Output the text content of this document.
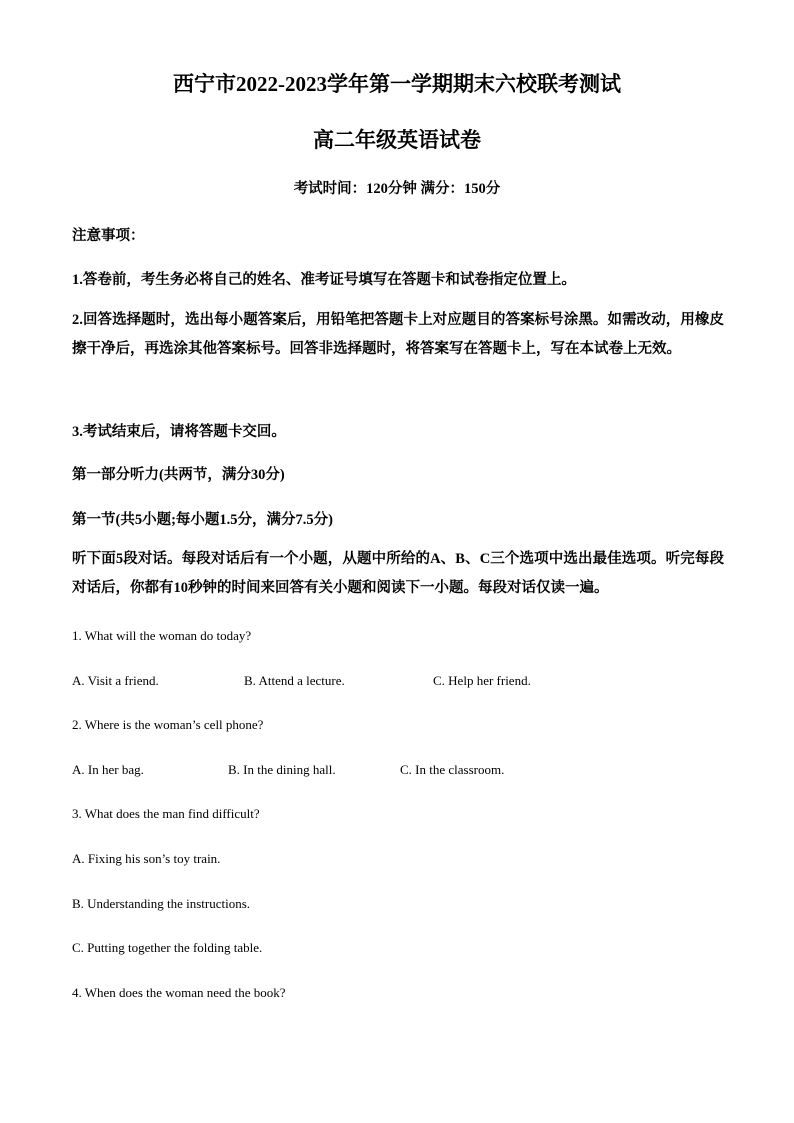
西宁市2022-2023学年第一学期期末六校联考测试
高二年级英语试卷
考试时间：120分钟 满分：150分
注意事项：
1.答卷前，考生务必将自己的姓名、准考证号填写在答题卡和试卷指定位置上。
2.回答选择题时，选出每小题答案后，用铅笔把答题卡上对应题目的答案标号涂黑。如需改动，用橡皮擦干净后，再选涂其他答案标号。回答非选择题时，将答案写在答题卡上，写在本试卷上无效。
3.考试结束后，请将答题卡交回。
第一部分听力(共两节，满分30分)
第一节(共5小题;每小题1.5分，满分7.5分)
听下面5段对话。每段对话后有一个小题，从题中所给的A、B、C三个选项中选出最佳选项。听完每段对话后，你都有10秒钟的时间来回答有关小题和阅读下一小题。每段对话仅读一遍。
1. What will the woman do today?
A. Visit a friend.	B. Attend a lecture.	C. Help her friend.
2. Where is the woman’s cell phone?
A. In her bag.	B. In the dining hall.	C. In the classroom.
3. What does the man find difficult?
A. Fixing his son’s toy train.
B. Understanding the instructions.
C. Putting together the folding table.
4. When does the woman need the book?
